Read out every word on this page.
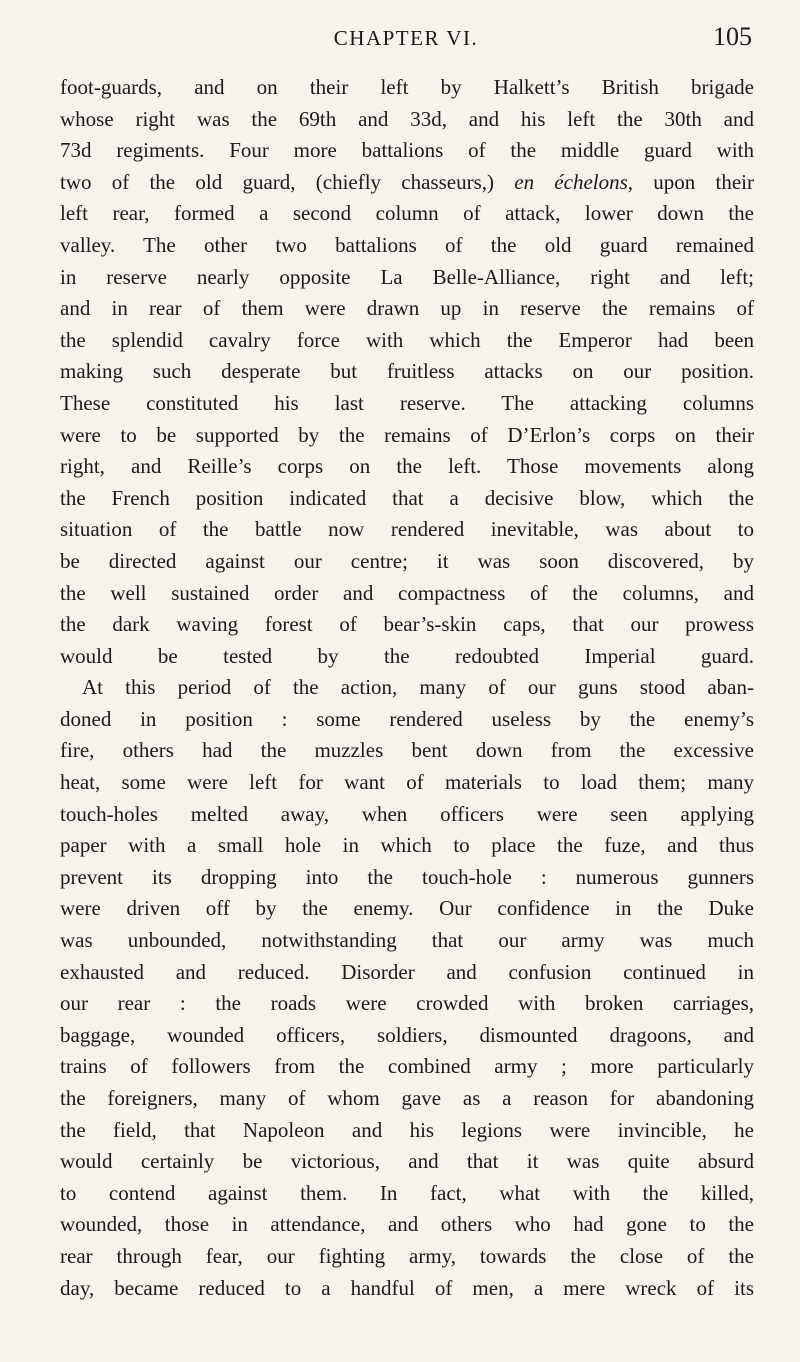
CHAPTER VI.	105
foot-guards, and on their left by Halkett’s British brigade
whose right was the 69th and 33d, and his left the 30th and
73d regiments. Four more battalions of the middle guard with
two of the old guard, (chiefly chasseurs,) en échelons, upon their
left rear, formed a second column of attack, lower down the
valley. The other two battalions of the old guard remained
in reserve nearly opposite La Belle-Alliance, right and left;
and in rear of them were drawn up in reserve the remains of
the splendid cavalry force with which the Emperor had been
making such desperate but fruitless attacks on our position.
These constituted his last reserve. The attacking columns
were to be supported by the remains of D’Erlon’s corps on their
right, and Reille’s corps on the left. Those movements along
the French position indicated that a decisive blow, which the
situation of the battle now rendered inevitable, was about to
be directed against our centre; it was soon discovered, by
the well sustained order and compactness of the columns, and
the dark waving forest of bear’s-skin caps, that our prowess
would be tested by the redoubted Imperial guard.
At this period of the action, many of our guns stood aban-
doned in position : some rendered useless by the enemy’s
fire, others had the muzzles bent down from the excessive
heat, some were left for want of materials to load them; many
touch-holes melted away, when officers were seen applying
paper with a small hole in which to place the fuze, and thus
prevent its dropping into the touch-hole : numerous gunners
were driven off by the enemy. Our confidence in the Duke
was unbounded, notwithstanding that our army was much
exhausted and reduced. Disorder and confusion continued in
our rear : the roads were crowded with broken carriages,
baggage, wounded officers, soldiers, dismounted dragoons, and
trains of followers from the combined army ; more particularly
the foreigners, many of whom gave as a reason for abandoning
the field, that Napoleon and his legions were invincible, he
would certainly be victorious, and that it was quite absurd
to contend against them. In fact, what with the killed,
wounded, those in attendance, and others who had gone to the
rear through fear, our fighting army, towards the close of the
day, became reduced to a handful of men, a mere wreck of its
